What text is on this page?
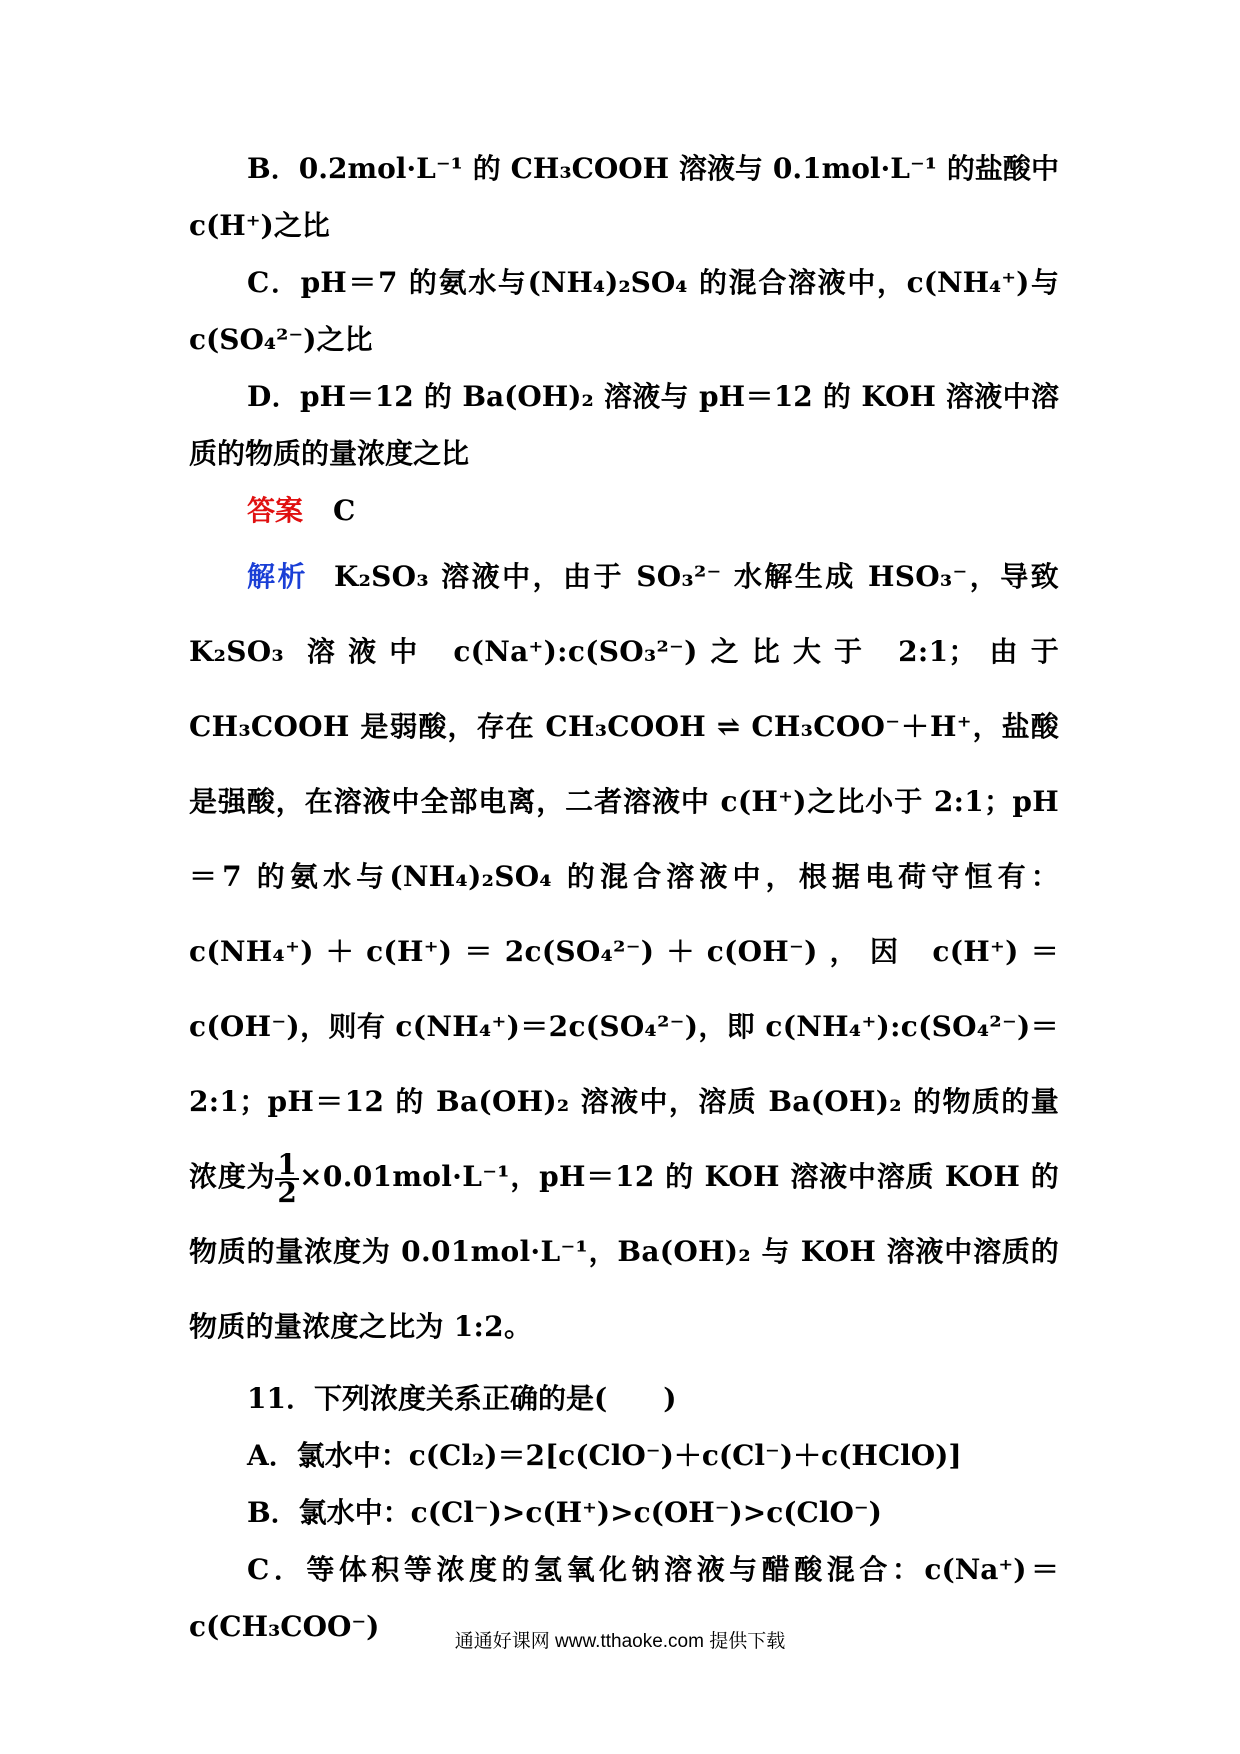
B．0.2mol·L⁻¹ 的 CH₃COOH 溶液与 0.1mol·L⁻¹ 的盐酸中 c(H⁺)之比

C．pH＝7 的氨水与(NH₄)₂SO₄ 的混合溶液中，c(NH₄⁺)与 c(SO₄²⁻)之比

D．pH＝12 的 Ba(OH)₂ 溶液与 pH＝12 的 KOH 溶液中溶质的物质的量浓度之比

答案 C

解析 K₂SO₃ 溶液中，由于 SO₃²⁻ 水解生成 HSO₃⁻，导致 K₂SO₃ 溶液中 c(Na⁺):c(SO₃²⁻)之比大于 2:1；由于 CH₃COOH 是弱酸，存在 CH₃COOH ⇌ CH₃COO⁻＋H⁺，盐酸是强酸，在溶液中全部电离，二者溶液中 c(H⁺)之比小于 2:1；pH＝7 的氨水与(NH₄)₂SO₄ 的混合溶液中，根据电荷守恒有：c(NH₄⁺)＋c(H⁺)＝2c(SO₄²⁻)＋c(OH⁻)，因 c(H⁺)＝c(OH⁻)，则有 c(NH₄⁺)＝2c(SO₄²⁻)，即 c(NH₄⁺):c(SO₄²⁻)＝2:1；pH＝12 的 Ba(OH)₂ 溶液中，溶质 Ba(OH)₂ 的物质的量浓度为 $\frac{1}{2} \times 0.01mol\cdot L^{-1}$，pH＝12 的 KOH 溶液中溶质 KOH 的物质的量浓度为 0.01mol·L⁻¹，Ba(OH)₂ 与 KOH 溶液中溶质的物质的量浓度之比为 1:2。

11．下列浓度关系正确的是(　　)

A．氯水中：c(Cl₂)＝2[c(ClO⁻)＋c(Cl⁻)＋c(HClO)]

B．氯水中：c(Cl⁻)>c(H⁺)>c(OH⁻)>c(ClO⁻)

C．等体积等浓度的氢氧化钠溶液与醋酸混合：c(Na⁺)＝c(CH₃COO⁻)	通通好课网 www.tthaoke.com 提供下载
